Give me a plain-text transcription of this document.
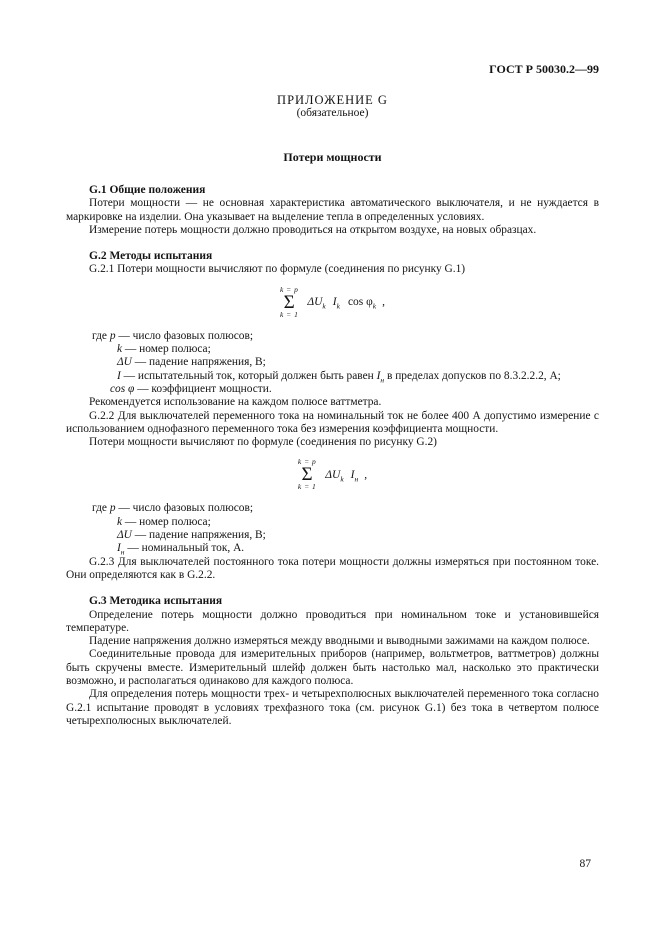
ГОСТ Р 50030.2—99
ПРИЛОЖЕНИЕ G
(обязательное)
Потери мощности
G.1 Общие положения

Потери мощности — не основная характеристика автоматического выключателя, и не нуждается в маркировке на изделии. Она указывает на выделение тепла в определенных условиях.

Измерение потерь мощности должно проводиться на открытом воздухе, на новых образцах.

G.2 Методы испытания

G.2.1 Потери мощности вычисляют по формуле (соединения по рисунку G.1)

k = p
Σ
k = 1
$\Delta U_k$ $I_k$ $\cos \varphi_k$ ,
где p — число фазовых полюсов;
k — номер полюса;
ΔU — падение напряжения, В;
I — испытательный ток, который должен быть равен $I_н$ в пределах допусков по 8.3.2.2.2, А;
cos φ — коэффициент мощности.

Рекомендуется использование на каждом полюсе ваттметра.

G.2.2 Для выключателей переменного тока на номинальный ток не более 400 А допустимо измерение с использованием однофазного переменного тока без измерения коэффициента мощности.

Потери мощности вычисляют по формуле (соединения по рисунку G.2)

k = p
Σ
k = 1
$\Delta U_k$ $I_н$ ,
где p — число фазовых полюсов;
k — номер полюса;
ΔU — падение напряжения, В;
$I_н$ — номинальный ток, А.

G.2.3 Для выключателей постоянного тока потери мощности должны измеряться при постоянном токе. Они определяются как в G.2.2.

G.3 Методика испытания

Определение потерь мощности должно проводиться при номинальном токе и установившейся температуре.

Падение напряжения должно измеряться между вводными и выводными зажимами на каждом полюсе.

Соединительные провода для измерительных приборов (например, вольтметров, ваттметров) должны быть скручены вместе. Измерительный шлейф должен быть настолько мал, насколько это практически возможно, и располагаться одинаково для каждого полюса.

Для определения потерь мощности трех- и четырехполюсных выключателей переменного тока согласно G.2.1 испытание проводят в условиях трехфазного тока (см. рисунок G.1) без тока в четвертом полюсе четырехполюсных выключателей.

87
